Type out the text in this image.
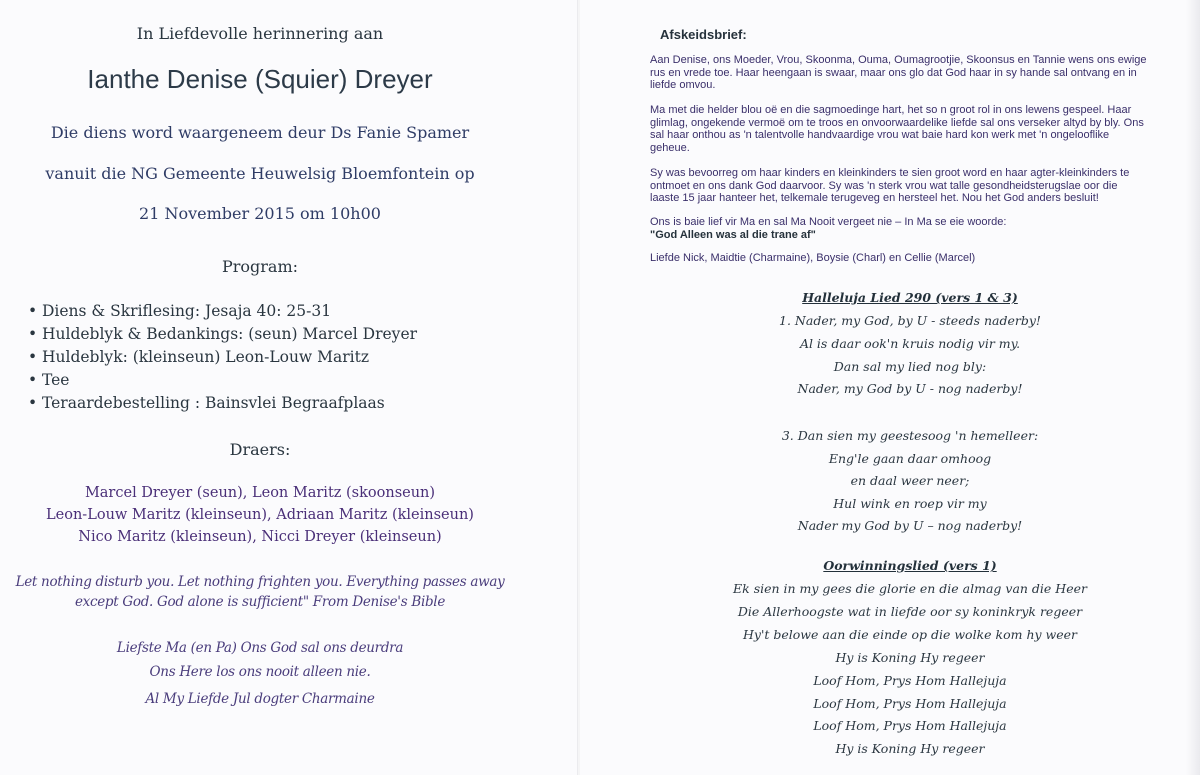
In Liefdevolle herinnering aan
Ianthe Denise (Squier) Dreyer
Die diens word waargeneem deur Ds Fanie Spamer
vanuit die NG Gemeente Heuwelsig Bloemfontein op
21 November 2015 om 10h00
Program:
• Diens & Skriflesing: Jesaja 40: 25-31
• Huldeblyk & Bedankings: (seun) Marcel Dreyer
• Huldeblyk: (kleinseun) Leon-Louw Maritz
• Tee
• Teraardebestelling : Bainsvlei Begraafplaas
Draers:
Marcel Dreyer (seun), Leon Maritz (skoonseun)
Leon-Louw Maritz (kleinseun), Adriaan Maritz (kleinseun)
Nico Maritz (kleinseun), Nicci Dreyer (kleinseun)
Let nothing disturb you. Let nothing frighten you. Everything passes away
except God. God alone is sufficient" From Denise's Bible
Liefste Ma (en Pa) Ons God sal ons deurdra
Ons Here los ons nooit alleen nie.
Al My Liefde Jul dogter Charmaine
Afskeidsbrief:

Aan Denise, ons Moeder, Vrou, Skoonma, Ouma, Oumagrootjie, Skoonsus en Tannie wens ons ewige rus en vrede toe. Haar heengaan is swaar, maar ons glo dat God haar in sy hande sal ontvang en in liefde omvou.

Ma met die helder blou oë en die sagmoedinge hart, het so n groot rol in ons lewens gespeel. Haar glimlag, ongekende vermoë om te troos en onvoorwaardelike liefde sal ons verseker altyd by bly. Ons sal haar onthou as 'n talentvolle handvaardige vrou wat baie hard kon werk met 'n ongelooflike geheue.

Sy was bevoorreg om haar kinders en kleinkinders te sien groot word en haar agter-kleinkinders te ontmoet en ons dank God daarvoor. Sy was 'n sterk vrou wat talle gesondheidsterugslae oor die laaste 15 jaar hanteer het, telkemale terugeveg en hersteel het. Nou het God anders besluit!

Ons is baie lief vir Ma en sal Ma Nooit vergeet nie – In Ma se eie woorde:
"God Alleen was al die trane af"

Liefde Nick, Maidtie (Charmaine), Boysie (Charl) en Cellie (Marcel)

Halleluja Lied 290 (vers 1 & 3)
1. Nader, my God, by U - steeds naderby!
Al is daar ook'n kruis nodig vir my.
Dan sal my lied nog bly:
Nader, my God by U - nog naderby!
3. Dan sien my geestesoog 'n hemelleer:
Eng'le gaan daar omhoog
en daal weer neer;
Hul wink en roep vir my
Nader my God by U – nog naderby!
Oorwinningslied (vers 1)
Ek sien in my gees die glorie en die almag van die Heer
Die Allerhoogste wat in liefde oor sy koninkryk regeer
Hy't belowe aan die einde op die wolke kom hy weer
Hy is Koning Hy regeer
Loof Hom, Prys Hom Hallejuja
Loof Hom, Prys Hom Hallejuja
Loof Hom, Prys Hom Hallejuja
Hy is Koning Hy regeer
